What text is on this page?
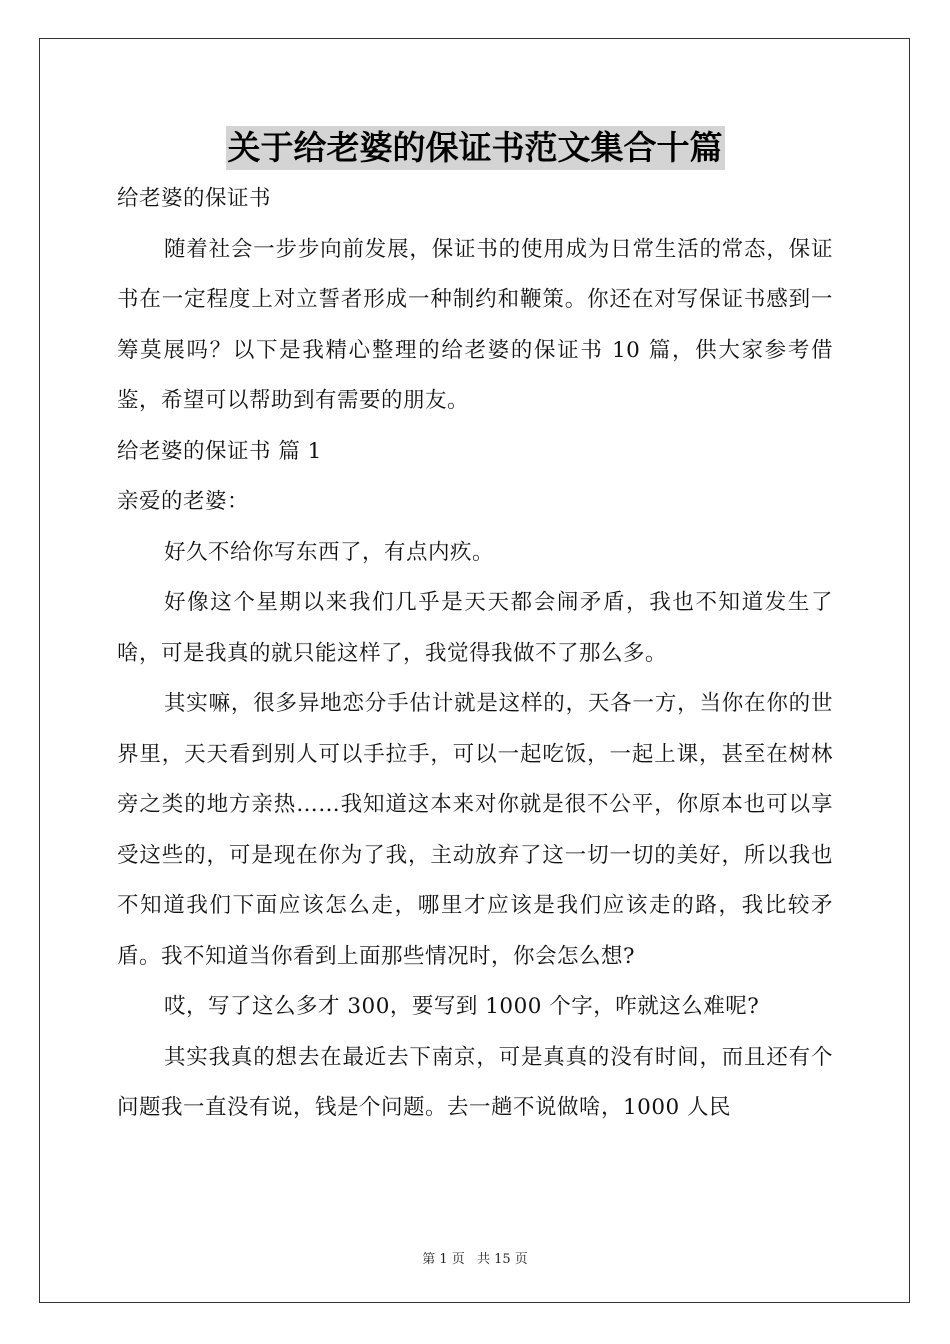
关于给老婆的保证书范文集合十篇

给老婆的保证书

随着社会一步步向前发展，保证书的使用成为日常生活的常态，保证书在一定程度上对立誓者形成一种制约和鞭策。你还在对写保证书感到一筹莫展吗？以下是我精心整理的给老婆的保证书 10 篇，供大家参考借鉴，希望可以帮助到有需要的朋友。

给老婆的保证书 篇 1

亲爱的老婆：

好久不给你写东西了，有点内疚。

好像这个星期以来我们几乎是天天都会闹矛盾，我也不知道发生了啥，可是我真的就只能这样了，我觉得我做不了那么多。

其实嘛，很多异地恋分手估计就是这样的，天各一方，当你在你的世界里，天天看到别人可以手拉手，可以一起吃饭，一起上课，甚至在树林旁之类的地方亲热……我知道这本来对你就是很不公平，你原本也可以享受这些的，可是现在你为了我，主动放弃了这一切一切的美好，所以我也不知道我们下面应该怎么走，哪里才应该是我们应该走的路，我比较矛盾。我不知道当你看到上面那些情况时，你会怎么想?

哎，写了这么多才 300，要写到 1000 个字，咋就这么难呢?

其实我真的想去在最近去下南京，可是真真的没有时间，而且还有个问题我一直没有说，钱是个问题。去一趟不说做啥，1000 人民

第 1 页 共 15 页
